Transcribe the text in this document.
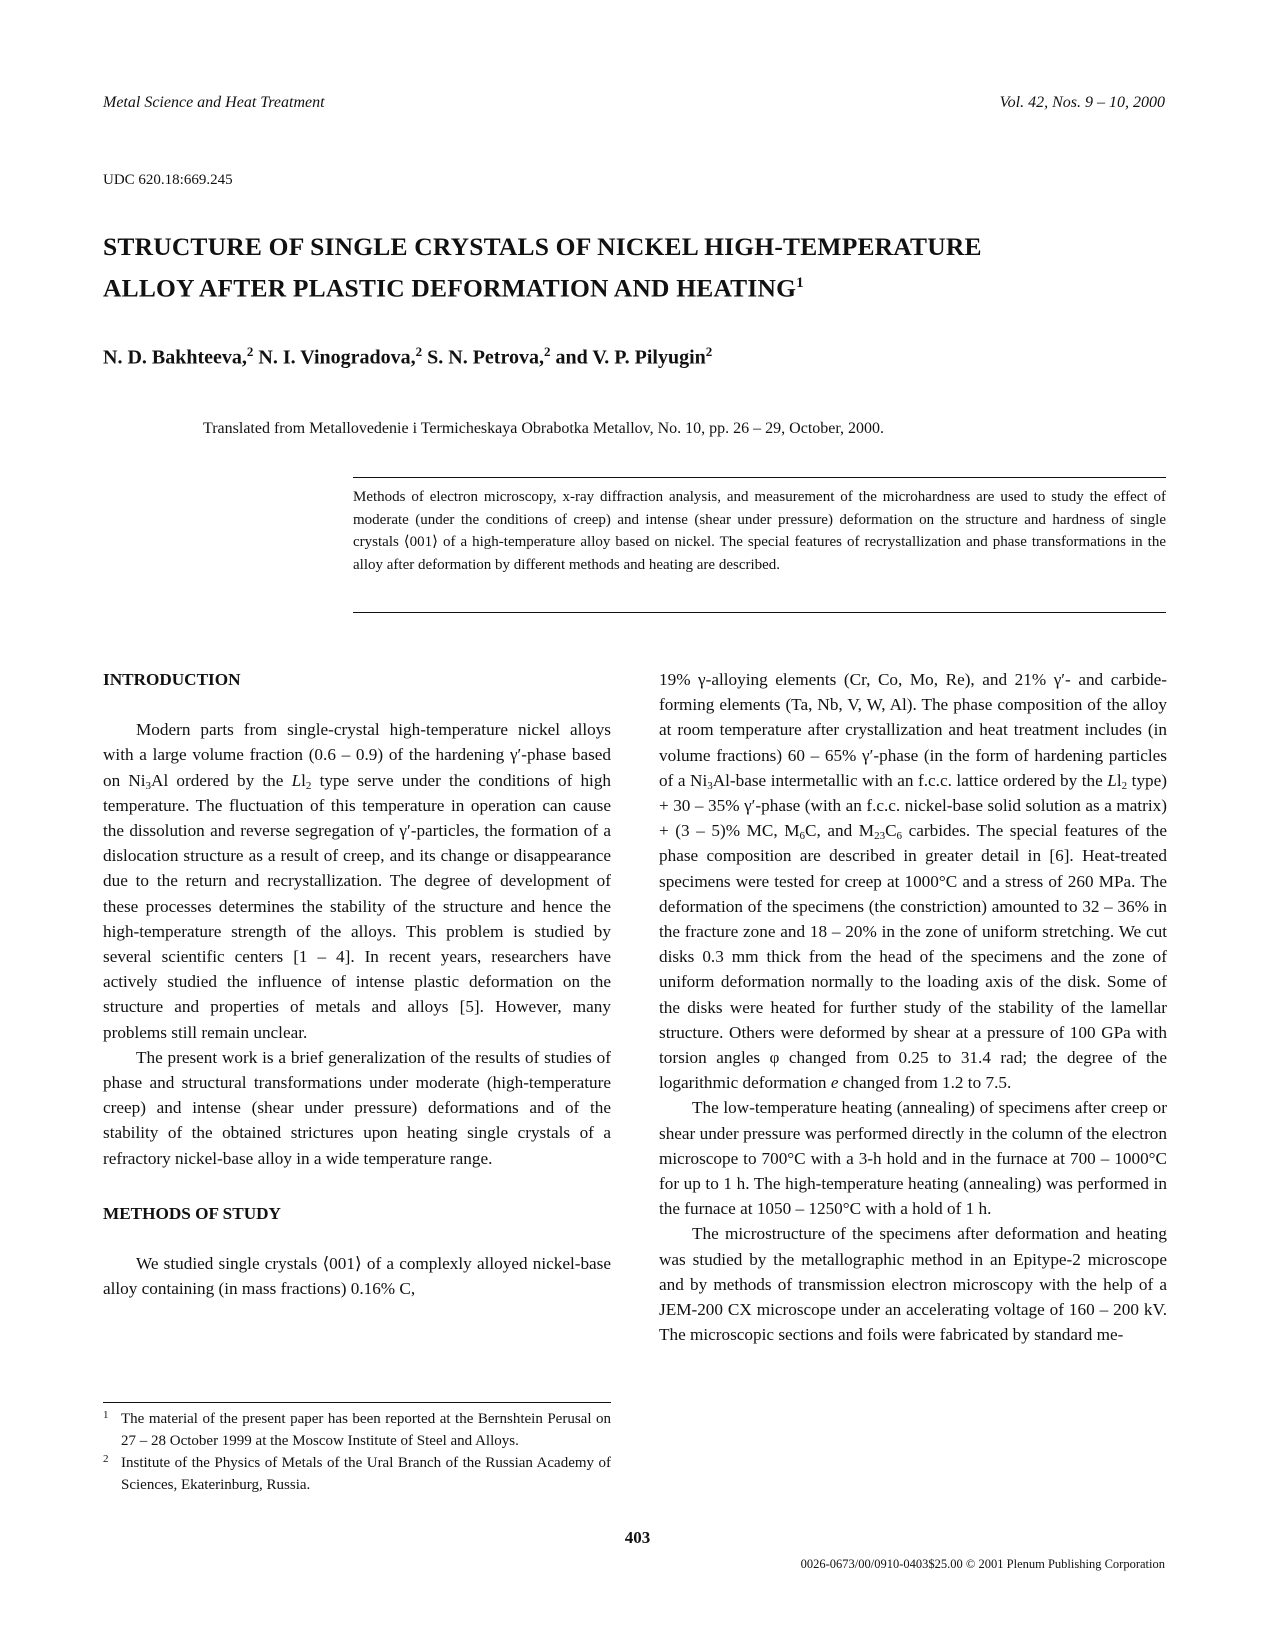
Metal Science and Heat Treatment	Vol. 42, Nos. 9 – 10, 2000
UDC 620.18:669.245
STRUCTURE OF SINGLE CRYSTALS OF NICKEL HIGH-TEMPERATURE
ALLOY AFTER PLASTIC DEFORMATION AND HEATING$^1$
N. D. Bakhteeva,$^2$ N. I. Vinogradova,$^2$ S. N. Petrova,$^2$ and V. P. Pilyugin$^2$
Translated from Metallovedenie i Termicheskaya Obrabotka Metallov, No. 10, pp. 26 – 29, October, 2000.
Methods of electron microscopy, x-ray diffraction analysis, and measurement of the microhardness are used to study the effect of moderate (under the conditions of creep) and intense (shear under pressure) deformation on the structure and hardness of single crystals ⟨001⟩ of a high-temperature alloy based on nickel. The special features of recrystallization and phase transformations in the alloy after deformation by different methods and heating are described.
INTRODUCTION

Modern parts from single-crystal high-temperature nickel alloys with a large volume fraction (0.6 – 0.9) of the hardening γ′-phase based on $Ni_3Al$ ordered by the $Ll_2$ type serve under the conditions of high temperature. The fluctuation of this temperature in operation can cause the dissolution and reverse segregation of γ′-particles, the formation of a dislocation structure as a result of creep, and its change or disappearance due to the return and recrystallization. The degree of development of these processes determines the stability of the structure and hence the high-temperature strength of the alloys. This problem is studied by several scientific centers [1 – 4]. In recent years, researchers have actively studied the influence of intense plastic deformation on the structure and properties of metals and alloys [5]. However, many problems still remain unclear.

The present work is a brief generalization of the results of studies of phase and structural transformations under moderate (high-temperature creep) and intense (shear under pressure) deformations and of the stability of the obtained strictures upon heating single crystals of a refractory nickel-base alloy in a wide temperature range.

METHODS OF STUDY

We studied single crystals ⟨001⟩ of a complexly alloyed nickel-base alloy containing (in mass fractions) 0.16% C,

1 The material of the present paper has been reported at the Bernshtein Perusal on 27 – 28 October 1999 at the Moscow Institute of Steel and Alloys.
2 Institute of the Physics of Metals of the Ural Branch of the Russian Academy of Sciences, Ekaterinburg, Russia.

19% γ-alloying elements (Cr, Co, Mo, Re), and 21% γ′- and carbide-forming elements (Ta, Nb, V, W, Al). The phase composition of the alloy at room temperature after crystallization and heat treatment includes (in volume fractions) 60 – 65% γ′-phase (in the form of hardening particles of a $Ni_3Al$-base intermetallic with an f.c.c. lattice ordered by the $Ll_2$ type) + 30 – 35% γ′-phase (with an f.c.c. nickel-base solid solution as a matrix) + (3 – 5)% MC, $M_6C$, and $M_{23}C_6$ carbides. The special features of the phase composition are described in greater detail in [6]. Heat-treated specimens were tested for creep at 1000°C and a stress of 260 MPa. The deformation of the specimens (the constriction) amounted to 32 – 36% in the fracture zone and 18 – 20% in the zone of uniform stretching. We cut disks 0.3 mm thick from the head of the specimens and the zone of uniform deformation normally to the loading axis of the disk. Some of the disks were heated for further study of the stability of the lamellar structure. Others were deformed by shear at a pressure of 100 GPa with torsion angles φ changed from 0.25 to 31.4 rad; the degree of the logarithmic deformation e changed from 1.2 to 7.5.

The low-temperature heating (annealing) of specimens after creep or shear under pressure was performed directly in the column of the electron microscope to 700°C with a 3-h hold and in the furnace at 700 – 1000°C for up to 1 h. The high-temperature heating (annealing) was performed in the furnace at 1050 – 1250°C with a hold of 1 h.

The microstructure of the specimens after deformation and heating was studied by the metallographic method in an Epitype-2 microscope and by methods of transmission electron microscopy with the help of a JEM-200 CX microscope under an accelerating voltage of 160 – 200 kV. The microscopic sections and foils were fabricated by standard me-

403
0026-0673/00/0910-0403$25.00 © 2001 Plenum Publishing Corporation
